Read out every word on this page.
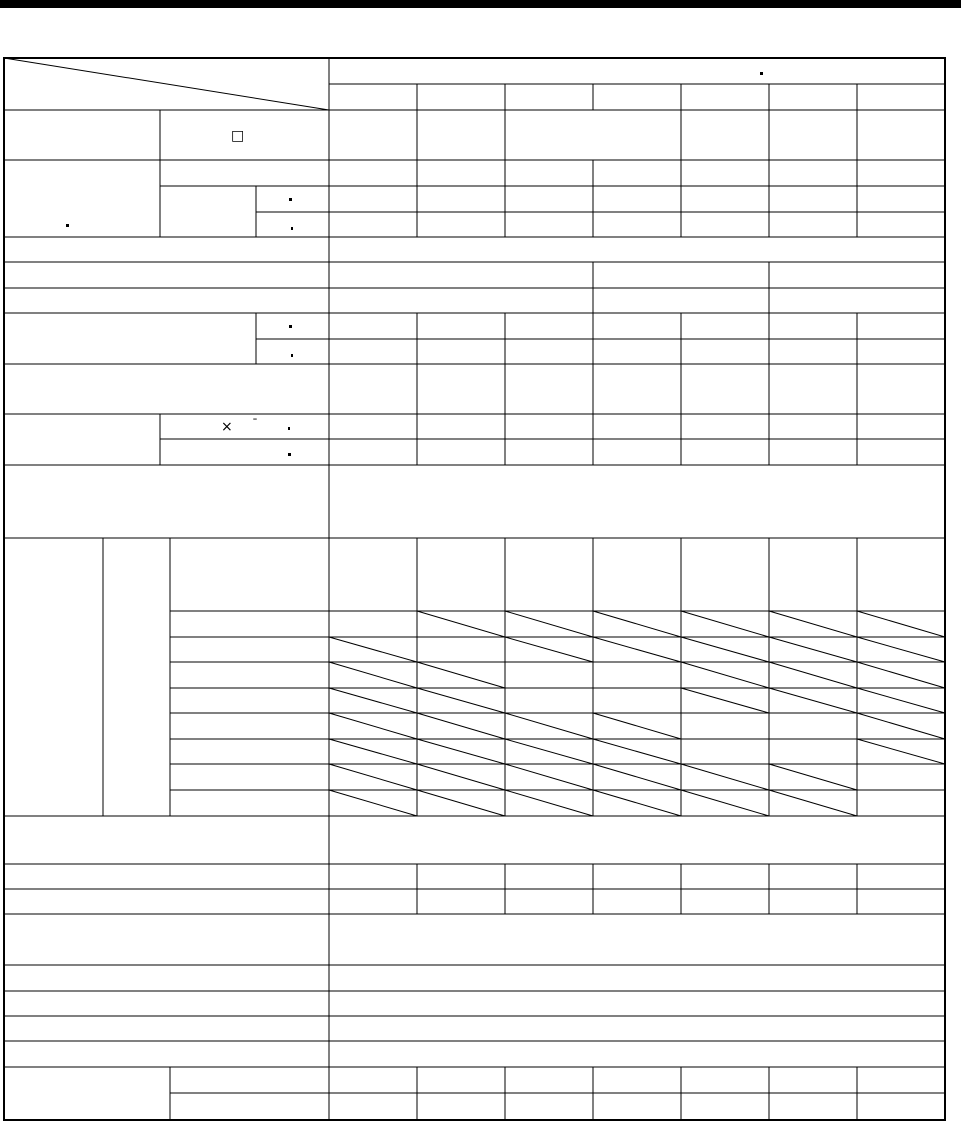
□
× ¯
